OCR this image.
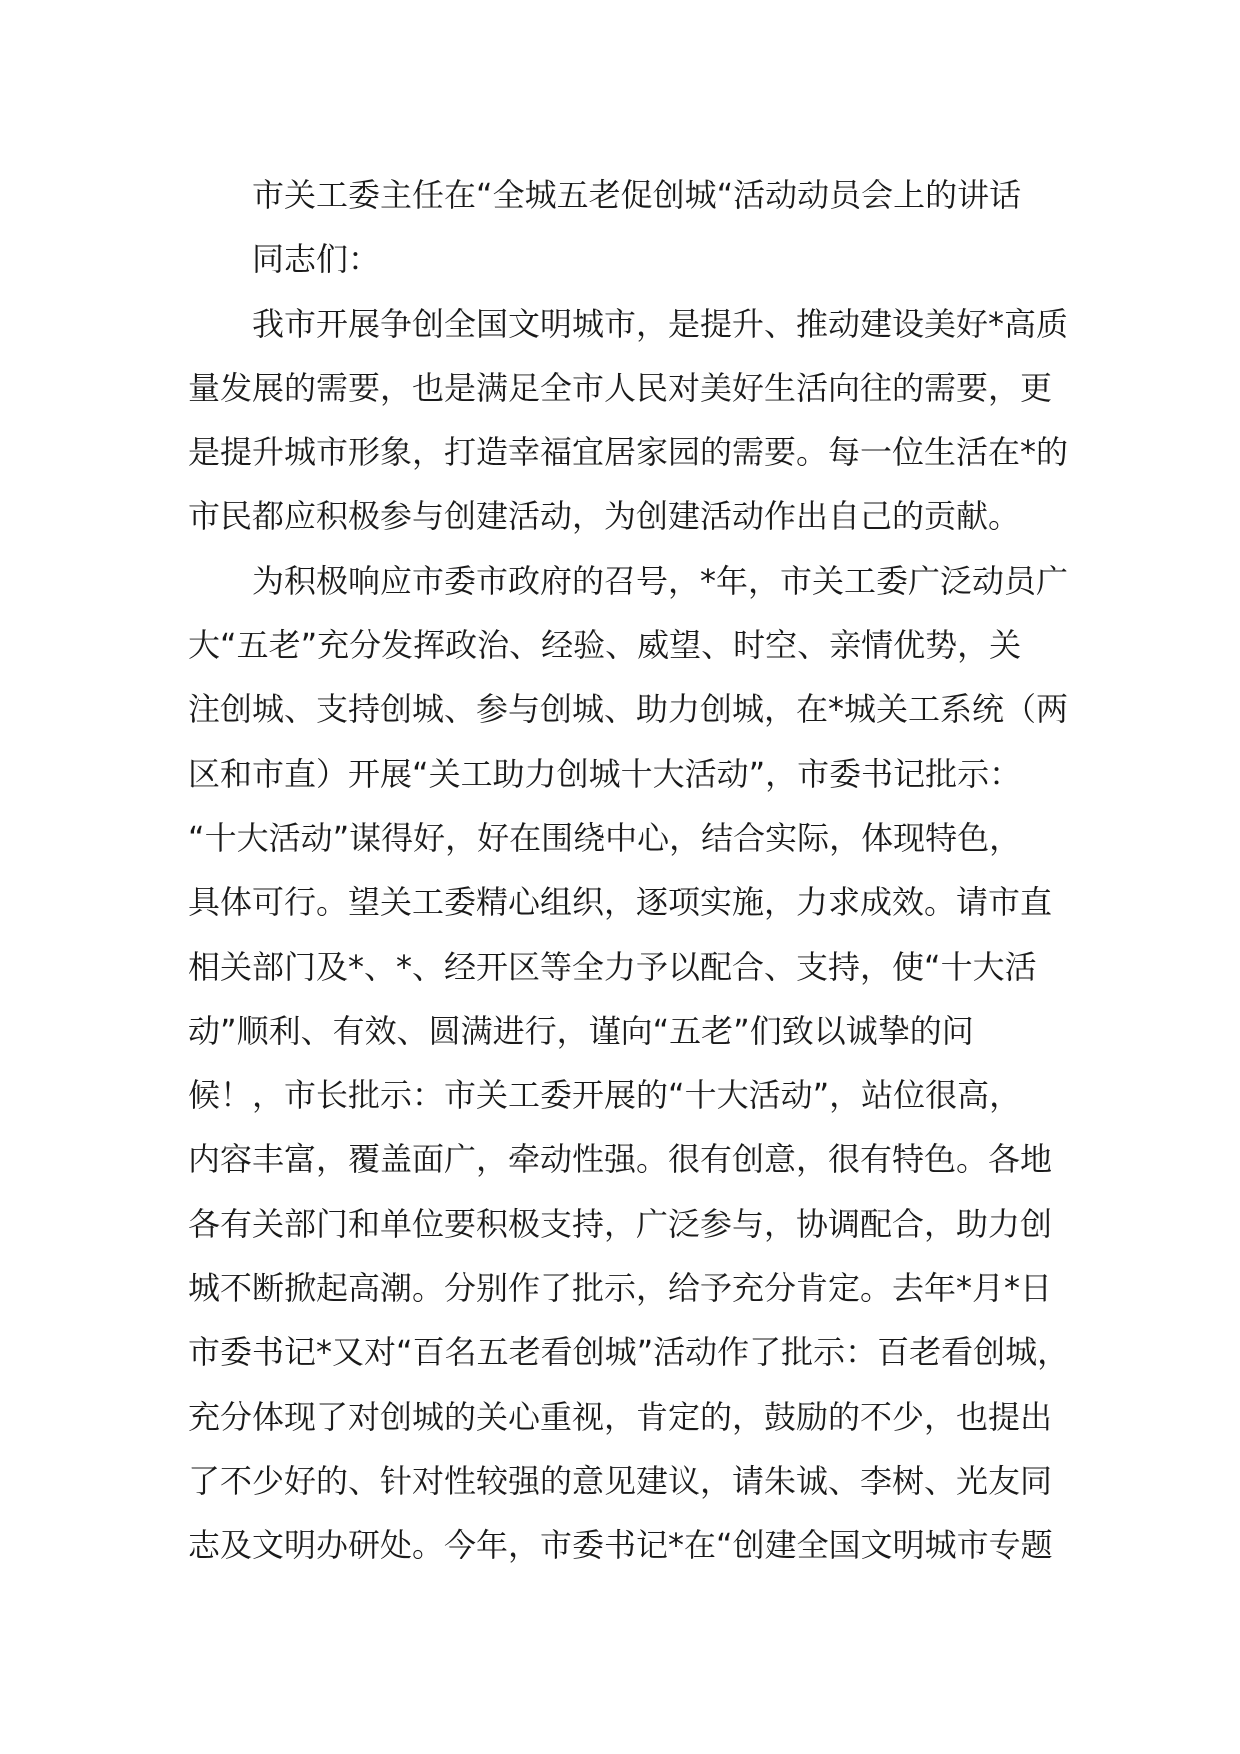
市关工委主任在“全城五老促创城“活动动员会上的讲话
同志们：
我市开展争创全国文明城市，是提升、推动建设美好*高质
量发展的需要，也是满足全市人民对美好生活向往的需要，更
是提升城市形象，打造幸福宜居家园的需要。每一位生活在*的
市民都应积极参与创建活动，为创建活动作出自己的贡献。
为积极响应市委市政府的召号，*年，市关工委广泛动员广
大“五老”充分发挥政治、经验、威望、时空、亲情优势，关
注创城、支持创城、参与创城、助力创城，在*城关工系统（两
区和市直）开展“关工助力创城十大活动”，市委书记批示：
“十大活动”谋得好，好在围绕中心，结合实际，体现特色，
具体可行。望关工委精心组织，逐项实施，力求成效。请市直
相关部门及*、*、经开区等全力予以配合、支持，使“十大活
动”顺利、有效、圆满进行，谨向“五老”们致以诚挚的问
候！，市长批示：市关工委开展的“十大活动”，站位很高，
内容丰富，覆盖面广，牵动性强。很有创意，很有特色。各地
各有关部门和单位要积极支持，广泛参与，协调配合，助力创
城不断掀起高潮。分别作了批示，给予充分肯定。去年*月*日
市委书记*又对“百名五老看创城”活动作了批示：百老看创城，
充分体现了对创城的关心重视，肯定的，鼓励的不少，也提出
了不少好的、针对性较强的意见建议，请朱诚、李树、光友同
志及文明办研处。今年，市委书记*在“创建全国文明城市专题
